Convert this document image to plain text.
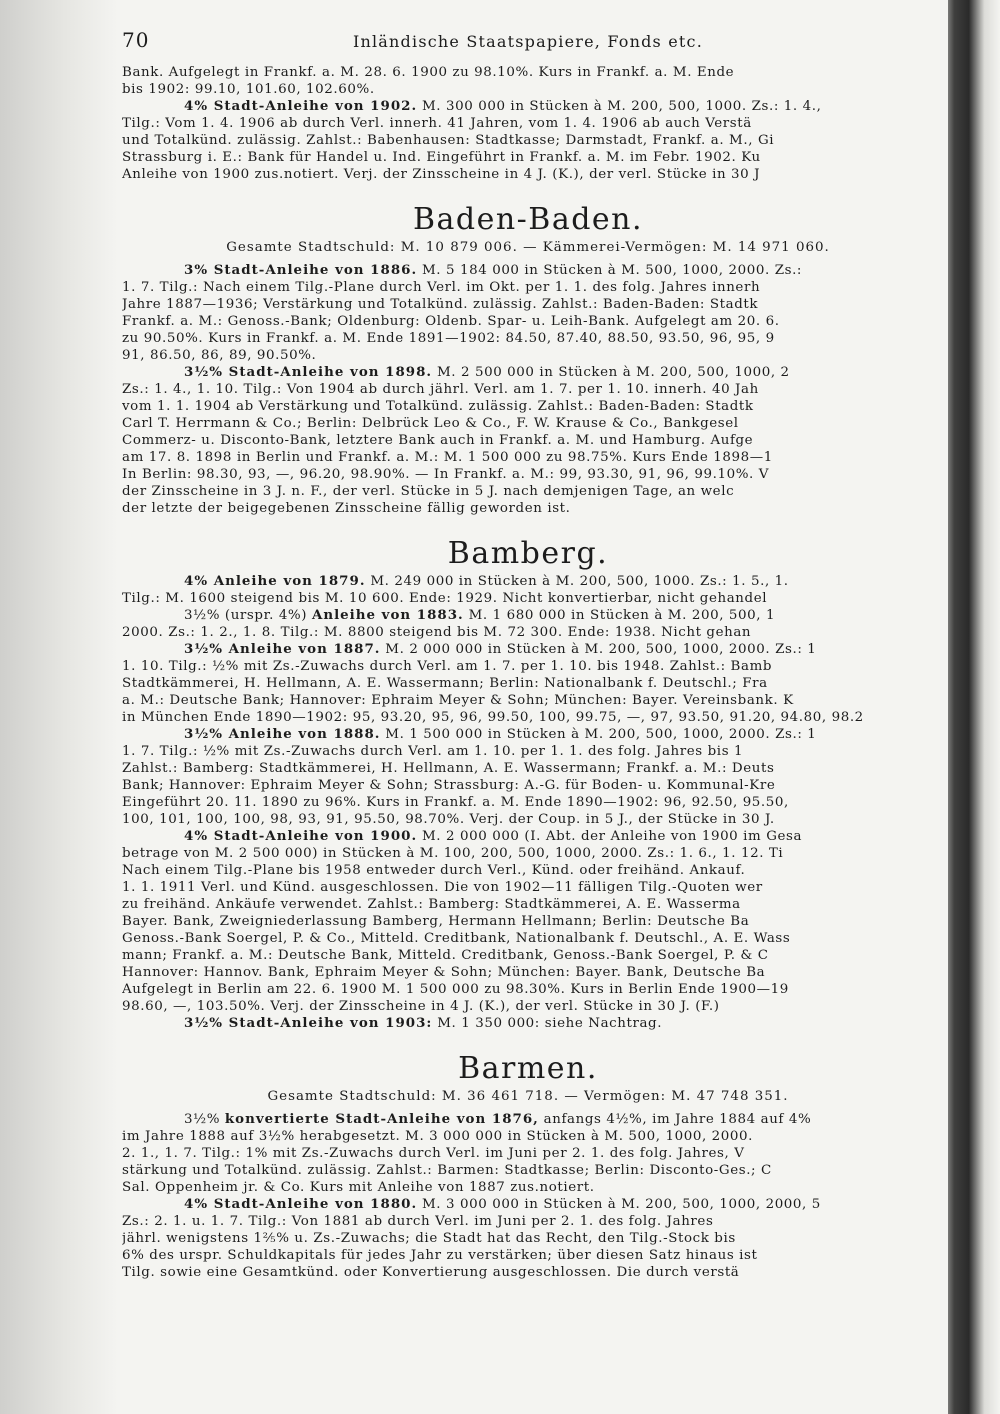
70	Inländische Staatspapiere, Fonds etc.

Bank. Aufgelegt in Frankf. a. M. 28. 6. 1900 zu 98.10%. Kurs in Frankf. a. M. Ende

bis 1902: 99.10, 101.60, 102.60%.

4% Stadt-Anleihe von 1902. M. 300 000 in Stücken à M. 200, 500, 1000. Zs.: 1. 4.,

Tilg.: Vom 1. 4. 1906 ab durch Verl. innerh. 41 Jahren, vom 1. 4. 1906 ab auch Verstä

und Totalkünd. zulässig. Zahlst.: Babenhausen: Stadtkasse; Darmstadt, Frankf. a. M., Gi

Strassburg i. E.: Bank für Handel u. Ind. Eingeführt in Frankf. a. M. im Febr. 1902. Ku

Anleihe von 1900 zus.notiert. Verj. der Zinsscheine in 4 J. (K.), der verl. Stücke in 30 J

Baden-Baden.
Gesamte Stadtschuld: M. 10 879 006. — Kämmerei-Vermögen: M. 14 971 060.

3% Stadt-Anleihe von 1886. M. 5 184 000 in Stücken à M. 500, 1000, 2000. Zs.:

1. 7. Tilg.: Nach einem Tilg.-Plane durch Verl. im Okt. per 1. 1. des folg. Jahres innerh

Jahre 1887—1936; Verstärkung und Totalkünd. zulässig. Zahlst.: Baden-Baden: Stadtk

Frankf. a. M.: Genoss.-Bank; Oldenburg: Oldenb. Spar- u. Leih-Bank. Aufgelegt am 20. 6.

zu 90.50%. Kurs in Frankf. a. M. Ende 1891—1902: 84.50, 87.40, 88.50, 93.50, 96, 95, 9

91, 86.50, 86, 89, 90.50%.

3½% Stadt-Anleihe von 1898. M. 2 500 000 in Stücken à M. 200, 500, 1000, 2

Zs.: 1. 4., 1. 10. Tilg.: Von 1904 ab durch jährl. Verl. am 1. 7. per 1. 10. innerh. 40 Jah

vom 1. 1. 1904 ab Verstärkung und Totalkünd. zulässig. Zahlst.: Baden-Baden: Stadtk

Carl T. Herrmann & Co.; Berlin: Delbrück Leo & Co., F. W. Krause & Co., Bankgesel

Commerz- u. Disconto-Bank, letztere Bank auch in Frankf. a. M. und Hamburg. Aufge

am 17. 8. 1898 in Berlin und Frankf. a. M.: M. 1 500 000 zu 98.75%. Kurs Ende 1898—1

In Berlin: 98.30, 93, —, 96.20, 98.90%. — In Frankf. a. M.: 99, 93.30, 91, 96, 99.10%. V

der Zinsscheine in 3 J. n. F., der verl. Stücke in 5 J. nach demjenigen Tage, an welc

der letzte der beigegebenen Zinsscheine fällig geworden ist.

Bamberg.

4% Anleihe von 1879. M. 249 000 in Stücken à M. 200, 500, 1000. Zs.: 1. 5., 1.

Tilg.: M. 1600 steigend bis M. 10 600. Ende: 1929. Nicht konvertierbar, nicht gehandel

3½% (urspr. 4%) Anleihe von 1883. M. 1 680 000 in Stücken à M. 200, 500, 1

2000. Zs.: 1. 2., 1. 8. Tilg.: M. 8800 steigend bis M. 72 300. Ende: 1938. Nicht gehan

3½% Anleihe von 1887. M. 2 000 000 in Stücken à M. 200, 500, 1000, 2000. Zs.: 1

1. 10. Tilg.: ½% mit Zs.-Zuwachs durch Verl. am 1. 7. per 1. 10. bis 1948. Zahlst.: Bamb

Stadtkämmerei, H. Hellmann, A. E. Wassermann; Berlin: Nationalbank f. Deutschl.; Fra

a. M.: Deutsche Bank; Hannover: Ephraim Meyer & Sohn; München: Bayer. Vereinsbank. K

in München Ende 1890—1902: 95, 93.20, 95, 96, 99.50, 100, 99.75, —, 97, 93.50, 91.20, 94.80, 98.2

3½% Anleihe von 1888. M. 1 500 000 in Stücken à M. 200, 500, 1000, 2000. Zs.: 1

1. 7. Tilg.: ½% mit Zs.-Zuwachs durch Verl. am 1. 10. per 1. 1. des folg. Jahres bis 1

Zahlst.: Bamberg: Stadtkämmerei, H. Hellmann, A. E. Wassermann; Frankf. a. M.: Deuts

Bank; Hannover: Ephraim Meyer & Sohn; Strassburg: A.-G. für Boden- u. Kommunal-Kre

Eingeführt 20. 11. 1890 zu 96%. Kurs in Frankf. a. M. Ende 1890—1902: 96, 92.50, 95.50,

100, 101, 100, 100, 98, 93, 91, 95.50, 98.70%. Verj. der Coup. in 5 J., der Stücke in 30 J.

4% Stadt-Anleihe von 1900. M. 2 000 000 (I. Abt. der Anleihe von 1900 im Gesa

betrage von M. 2 500 000) in Stücken à M. 100, 200, 500, 1000, 2000. Zs.: 1. 6., 1. 12. Ti

Nach einem Tilg.-Plane bis 1958 entweder durch Verl., Künd. oder freihänd. Ankauf.

1. 1. 1911 Verl. und Künd. ausgeschlossen. Die von 1902—11 fälligen Tilg.-Quoten wer

zu freihänd. Ankäufe verwendet. Zahlst.: Bamberg: Stadtkämmerei, A. E. Wasserma

Bayer. Bank, Zweigniederlassung Bamberg, Hermann Hellmann; Berlin: Deutsche Ba

Genoss.-Bank Soergel, P. & Co., Mitteld. Creditbank, Nationalbank f. Deutschl., A. E. Wass

mann; Frankf. a. M.: Deutsche Bank, Mitteld. Creditbank, Genoss.-Bank Soergel, P. & C

Hannover: Hannov. Bank, Ephraim Meyer & Sohn; München: Bayer. Bank, Deutsche Ba

Aufgelegt in Berlin am 22. 6. 1900 M. 1 500 000 zu 98.30%. Kurs in Berlin Ende 1900—19

98.60, —, 103.50%. Verj. der Zinsscheine in 4 J. (K.), der verl. Stücke in 30 J. (F.)

3½% Stadt-Anleihe von 1903: M. 1 350 000: siehe Nachtrag.

Barmen.
Gesamte Stadtschuld: M. 36 461 718. — Vermögen: M. 47 748 351.

3½% konvertierte Stadt-Anleihe von 1876, anfangs 4½%, im Jahre 1884 auf 4%

im Jahre 1888 auf 3½% herabgesetzt. M. 3 000 000 in Stücken à M. 500, 1000, 2000.

2. 1., 1. 7. Tilg.: 1% mit Zs.-Zuwachs durch Verl. im Juni per 2. 1. des folg. Jahres, V

stärkung und Totalkünd. zulässig. Zahlst.: Barmen: Stadtkasse; Berlin: Disconto-Ges.; C

Sal. Oppenheim jr. & Co. Kurs mit Anleihe von 1887 zus.notiert.

4% Stadt-Anleihe von 1880. M. 3 000 000 in Stücken à M. 200, 500, 1000, 2000, 5

Zs.: 2. 1. u. 1. 7. Tilg.: Von 1881 ab durch Verl. im Juni per 2. 1. des folg. Jahres

jährl. wenigstens 1⅖% u. Zs.-Zuwachs; die Stadt hat das Recht, den Tilg.-Stock bis

6% des urspr. Schuldkapitals für jedes Jahr zu verstärken; über diesen Satz hinaus ist

Tilg. sowie eine Gesamtkünd. oder Konvertierung ausgeschlossen. Die durch verstä
